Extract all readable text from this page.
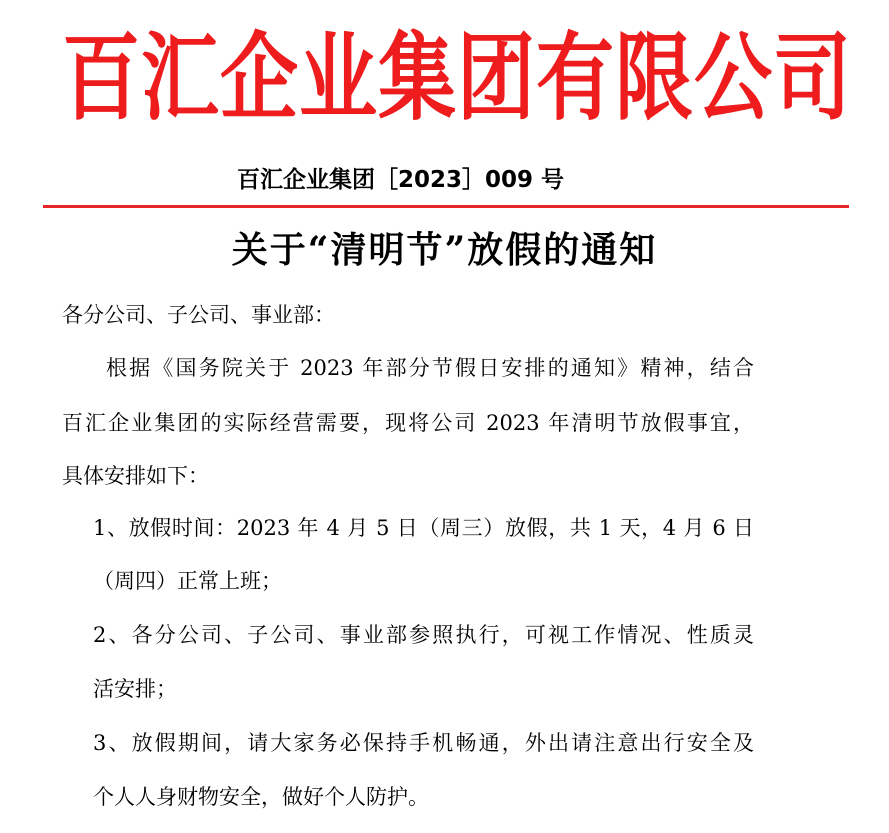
百汇企业集团有限公司
百汇企业集团［2023］009 号
关于“清明节”放假的通知
各分公司、子公司、事业部：
根据《国务院关于 2023 年部分节假日安排的通知》精神，结合
百汇企业集团的实际经营需要，现将公司 2023 年清明节放假事宜，
具体安排如下：
1、放假时间：2023 年 4 月 5 日（周三）放假，共 1 天，4 月 6 日
（周四）正常上班；
2、各分公司、子公司、事业部参照执行，可视工作情况、性质灵
活安排；
3、放假期间，请大家务必保持手机畅通，外出请注意出行安全及
个人人身财物安全，做好个人防护。
